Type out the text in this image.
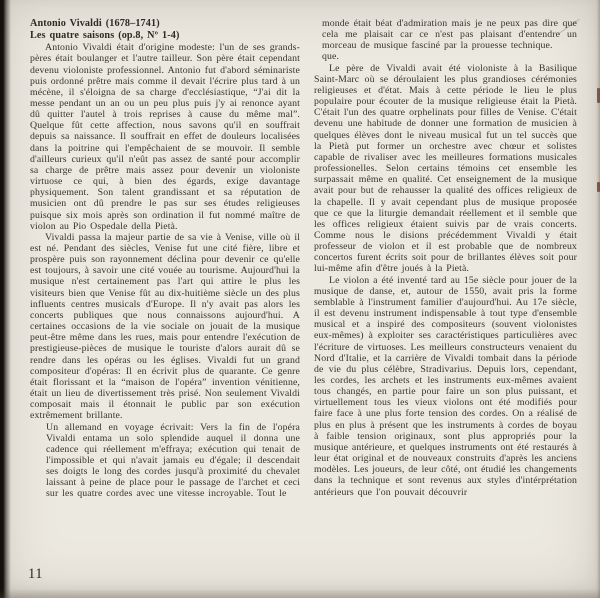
Antonio Vivaldi (1678–1741)
Les quatre saisons (op.8, Nº 1-4)

Antonio Vivaldi était d'origine modeste: l'un de ses grands-pères était boulanger et l'autre tailleur. Son père était cependant devenu violoniste professionnel. Antonio fut d'abord séminariste puis ordonné prêtre mais comme il devait l'écrire plus tard à un mécène, il s'éloigna de sa charge d'ecclésiastique, “J'ai dit la messe pendant un an ou un peu plus puis j'y ai renonce ayant dû quitter l'autel à trois reprises à cause du même mal”. Quelque fût cette affection, nous savons qu'il en souffrait depuis sa naissance. Il souffrait en effet de douleurs localisées dans la poitrine qui l'empêchaient de se mouvoir. Il semble d'ailleurs curieux qu'il n'eût pas assez de santé pour accomplir sa charge de prêtre mais assez pour devenir un violoniste virtuose ce qui, à bien des égards, exige davantage physiquement. Son talent grandissant et sa réputation de musicien ont dû prendre le pas sur ses études religieuses puisque six mois après son ordination il fut nommé maître de violon au Pio Ospedale della Pietà.

Vivaldi passa la majeur partie de sa vie à Venise, ville où il est né. Pendant des siècles, Venise fut une cité fière, libre et prospère puis son rayonnement déclina pour devenir ce qu'elle est toujours, à savoir une cité vouée au tourisme. Aujourd'hui la musique n'est certainement pas l'art qui attire le plus les visiteurs bien que Venise fût au dix-huitième siècle un des plus influents centres musicals d'Europe. Il n'y avait pas alors les concerts publiques que nous connaissons aujourd'hui. A certaines occasions de la vie sociale on jouait de la musique peut-être même dans les rues, mais pour entendre l'exécution de prestigieuse-pièces de musique le touriste d'alors aurait dû se rendre dans les opéras ou les églises. Vivaldi fut un grand compositeur d'opéras: Il en écrivit plus de quarante. Ce genre était florissant et la “maison de l'opéra” invention vénitienne, était un lieu de divertissement très prisé. Non seulement Vivaldi composait mais il étonnait le public par son exécution extrêmement brillante.

Un allemand en voyage écrivait: Vers la fin de l'opéra Vivaldi entama un solo splendide auquel il donna une cadence qui réellement m'effraya; exécution qui tenait de l'impossible et qui n'avait jamais eu d'égale; il descendait ses doigts le long des cordes jusqu'à proximité du chevalet laissant à peine de place pour le passage de l'archet et ceci sur les quatre cordes avec une vitesse incroyable. Tout le

monde était béat d'admiration mais je ne peux pas dire que cela me plaisait car ce n'est pas plaisant d'entendre un morceau de musique fasciné par la prouesse technique.

que.

Le père de Vivaldi avait été violoniste à la Basilique Saint-Marc où se déroulaient les plus grandioses cérémonies religieuses et d'état. Mais à cette période le lieu le plus populaire pour écouter de la musique religieuse était la Pietà. C'était l'un des quatre orphelinats pour filles de Venise. C'était devenu une habitude de donner une formation de musicien à quelques élèves dont le niveau musical fut un tel succès que la Pietà put former un orchestre avec chœur et solistes capable de rivaliser avec les meilleures formations musicales professionelles. Selon certains témoins cet ensemble les surpassait même en qualité. Cet enseignement de la musique avait pour but de rehausser la qualité des offices religieux de la chapelle. Il y avait cependant plus de musique proposée que ce que la liturgie demandait réellement et il semble que les offices religieux étaient suivis par de vrais concerts. Comme nous le disions précédemment Vivaldi y était professeur de violon et il est probable que de nombreux concertos furent écrits soit pour de brillantes élèves soit pour lui-même afin d'être joués à la Pietà.

Le violon a été inventé tard au 15e siècle pour jouer de la musique de danse, et, autour de 1550, avait pris la forme semblable à l'instrument familier d'aujourd'hui. Au 17e siècle, il est devenu instrument indispensable à tout type d'ensemble musical et a inspiré des compositeurs (souvent violonistes eux-mêmes) à exploiter ses caractéristiques particulières avec l'écriture de virtuoses. Les meilleurs constructeurs venaient du Nord d'Italie, et la carrière de Vivaldi tombait dans la période de vie du plus célèbre, Stradivarius. Depuis lors, cependant, les cordes, les archets et les instruments eux-mêmes avaient tous changés, en partie pour faire un son plus puissant, et virtuellement tous les vieux violons ont été modifiés pour faire face à une plus forte tension des cordes. On a réalisé de plus en plus à présent que les instruments à cordes de boyau à faible tension originaux, sont plus appropriés pour la musique antérieure, et quelques instruments ont été restaurés à leur état original et de nouveaux construits d'après les anciens modèles. Les joueurs, de leur côté, ont étudié les changements dans la technique et sont revenus aux styles d'intérprétation antérieurs que l'on pouvait découvrir

11
